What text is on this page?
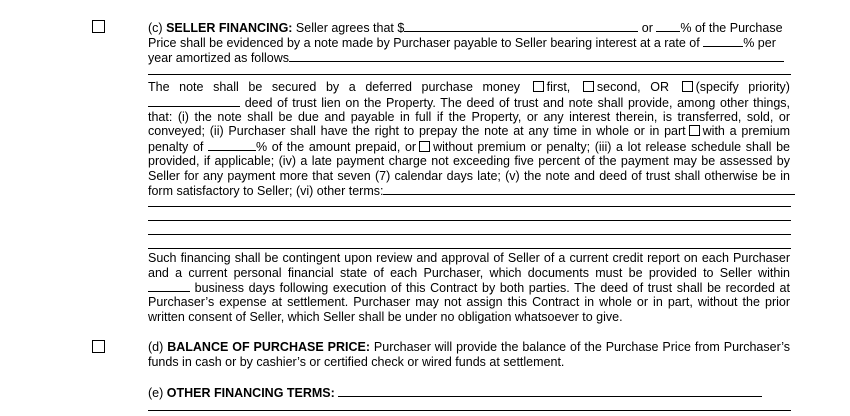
(c) SELLER FINANCING: Seller agrees that $	or % of the Purchase
Price shall be evidenced by a note made by Purchaser payable to Seller bearing interest at a rate of	% per
year amortized as follows
The note shall be secured by a deferred purchase money first, second, OR (specify priority)
deed of trust lien on the Property. The deed of trust and note shall provide, among other things,
that: (i) the note shall be due and payable in full if the Property, or any interest therein, is transferred, sold, or
conveyed; (ii) Purchaser shall have the right to prepay the note at any time in whole or in part with a premium
penalty of	% of the amount prepaid, or without premium or penalty; (iii) a lot release schedule shall be
provided, if applicable; (iv) a late payment charge not exceeding five percent of the payment may be assessed by
Seller for any payment more that seven (7) calendar days late; (v) the note and deed of trust shall otherwise be in
form satisfactory to Seller; (vi) other terms:
Such financing shall be contingent upon review and approval of Seller of a current credit report on each Purchaser
and a current personal financial state of each Purchaser, which documents must be provided to Seller within
business days following execution of this Contract by both parties. The deed of trust shall be recorded at
Purchaser’s expense at settlement. Purchaser may not assign this Contract in whole or in part, without the prior
written consent of Seller, which Seller shall be under no obligation whatsoever to give.
(d) BALANCE OF PURCHASE PRICE: Purchaser will provide the balance of the Purchase Price from Purchaser’s
funds in cash or by cashier’s or certified check or wired funds at settlement.
(e) OTHER FINANCING TERMS:
